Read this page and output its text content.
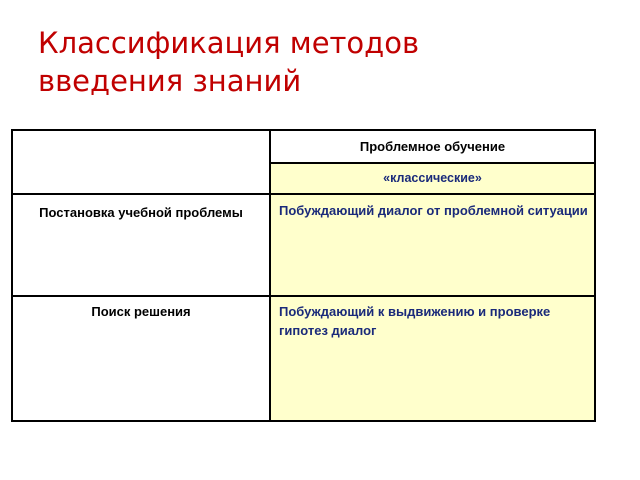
Классификация методов
введения знаний
Проблемное обучение
«классические»
Постановка учебной проблемы	Побуждающий диалог от проблемной ситуации
Поиск решения	Побуждающий к выдвижению и проверке гипотез диалог
